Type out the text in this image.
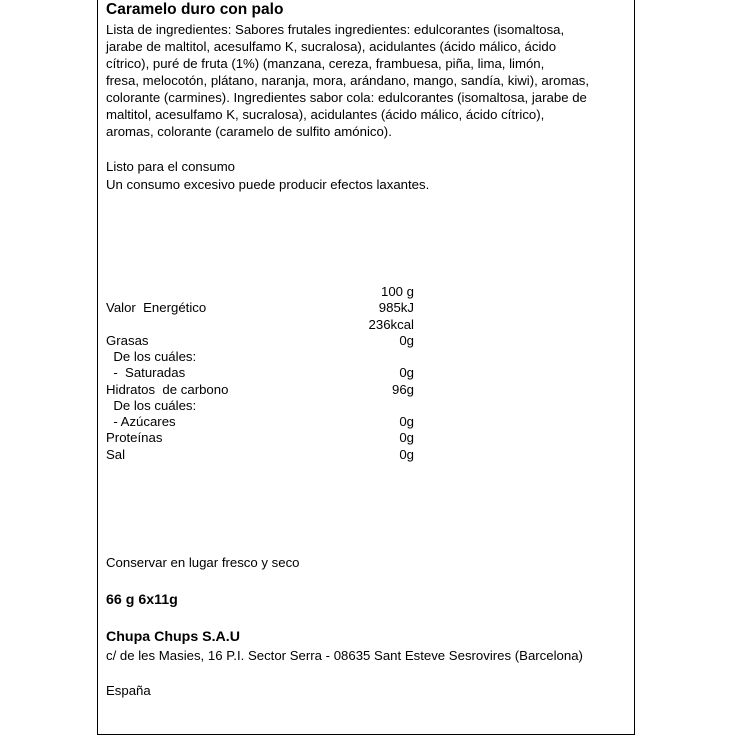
Caramelo duro con palo
Lista de ingredientes: Sabores frutales ingredientes: edulcorantes (isomaltosa,
jarabe de maltitol, acesulfamo K, sucralosa), acidulantes (ácido málico, ácido
cítrico), puré de fruta (1%) (manzana, cereza, frambuesa, piña, lima, limón,
fresa, melocotón, plátano, naranja, mora, arándano, mango, sandía, kiwi), aromas,
colorante (carmines). Ingredientes sabor cola: edulcorantes (isomaltosa, jarabe de
maltitol, acesulfamo K, sucralosa), acidulantes (ácido málico, ácido cítrico),
aromas, colorante (caramelo de sulfito amónico).
Listo para el consumo
Un consumo excesivo puede producir efectos laxantes.
100 g
Valor  Energético	985kJ
236kcal
Grasas	0g
De los cuáles:
-  Saturadas	0g
Hidratos  de carbono	96g
De los cuáles:
- Azúcares	0g
Proteínas	0g
Sal	0g
Conservar en lugar fresco y seco
66 g 6x11g
Chupa Chups S.A.U
c/ de les Masies, 16 P.I. Sector Serra - 08635 Sant Esteve Sesrovires (Barcelona)
España
